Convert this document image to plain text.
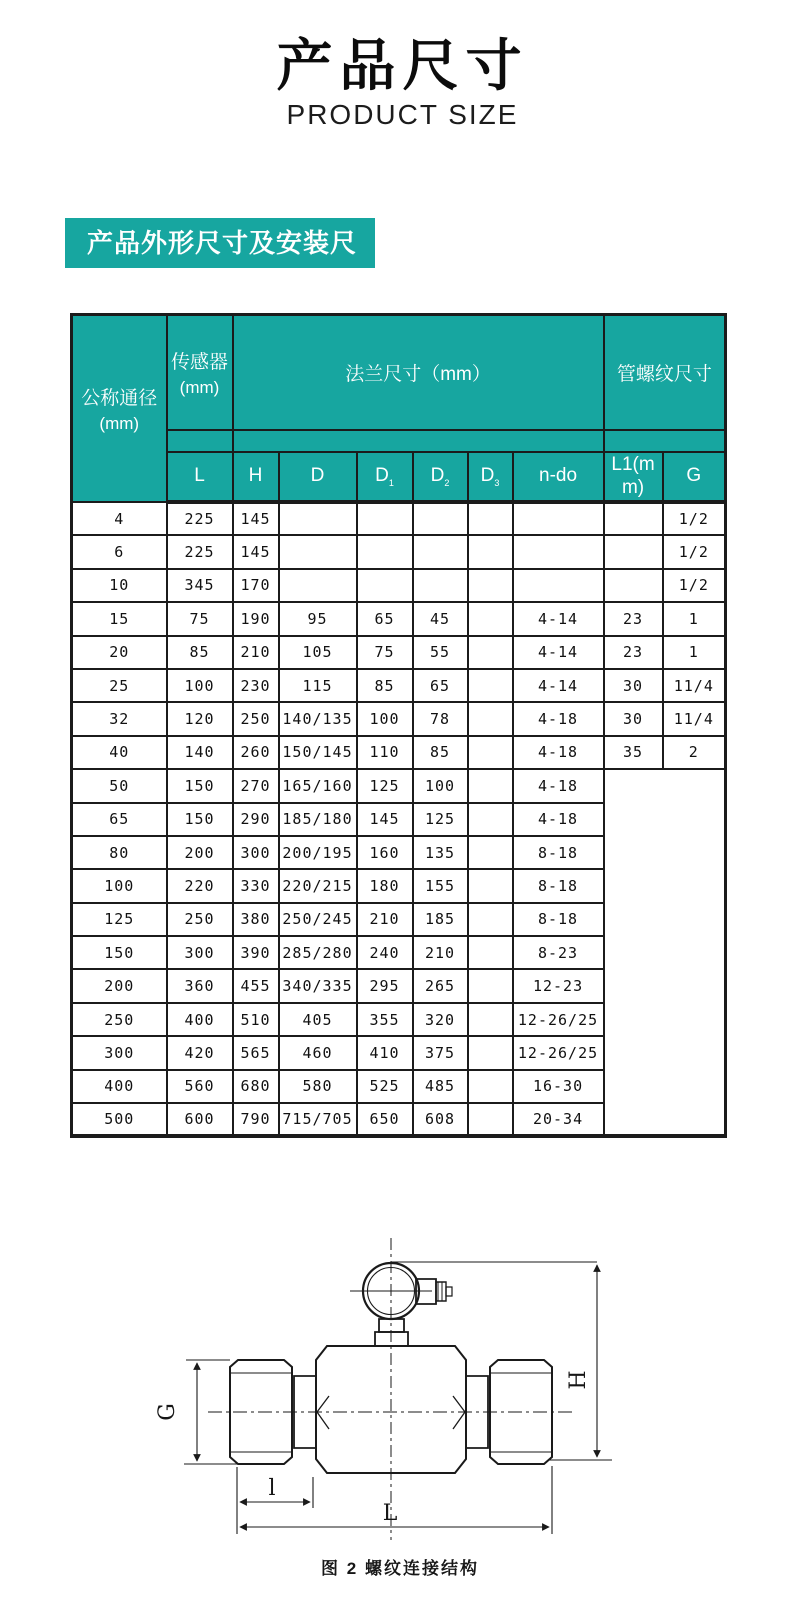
产品尺寸
PRODUCT SIZE
产品外形尺寸及安装尺寸
公称通径
(mm)	传感器
(mm)	法兰尺寸（mm）						管螺纹尺寸	

	L	H	D	$D_1$	$D_2$	$D_3$	n-do	L1(mm)	G
4	225	145							1/2
6	225	145							1/2
10	345	170							1/2
15	75	190	95	65	45		4-14	23	1
20	85	210	105	75	55		4-14	23	1
25	100	230	115	85	65		4-14	30	11/4
32	120	250	140/135	100	78		4-18	30	11/4
40	140	260	150/145	110	85		4-18	35	2
50	150	270	165/160	125	100		4-18		
65	150	290	185/180	145	125		4-18		
80	200	300	200/195	160	135		8-18		
100	220	330	220/215	180	155		8-18		
125	250	380	250/245	210	185		8-18		
150	300	390	285/280	240	210		8-23		
200	360	455	340/335	295	265		12-23		
250	400	510	405	355	320		12-26/25		
300	420	565	460	410	375		12-26/25		
400	560	680	580	525	485		16-30		
500	600	790	715/705	650	608		20-34		
H
G
l
L
图 2 螺纹连接结构
